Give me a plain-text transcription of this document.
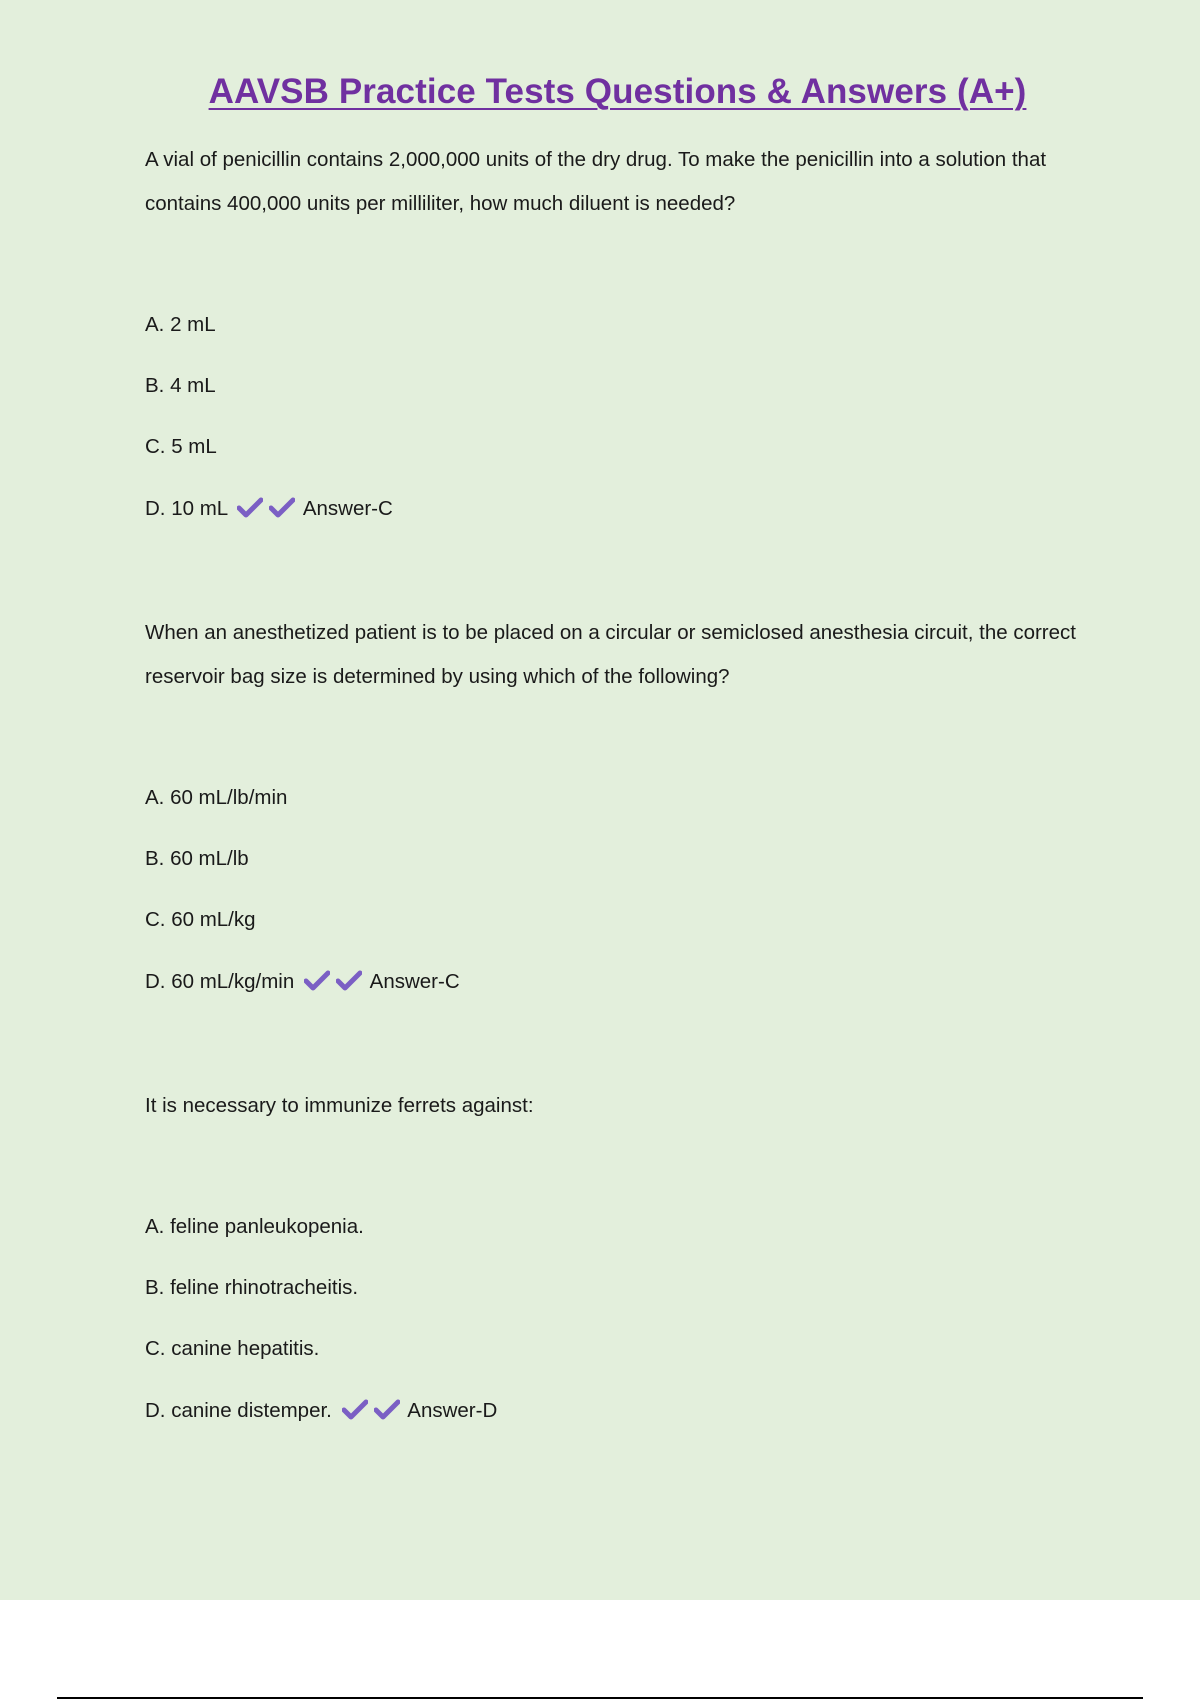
AAVSB Practice Tests Questions & Answers (A+)

A vial of penicillin contains 2,000,000 units of the dry drug. To make the penicillin into a solution that contains 400,000 units per milliliter, how much diluent is needed?

A. 2 mL
B. 4 mL
C. 5 mL
D. 10 mL	Answer-C

When an anesthetized patient is to be placed on a circular or semiclosed anesthesia circuit, the correct reservoir bag size is determined by using which of the following?

A. 60 mL/lb/min
B. 60 mL/lb
C. 60 mL/kg
D. 60 mL/kg/min	Answer-C

It is necessary to immunize ferrets against:

A. feline panleukopenia.
B. feline rhinotracheitis.
C. canine hepatitis.
D. canine distemper.	Answer-D
